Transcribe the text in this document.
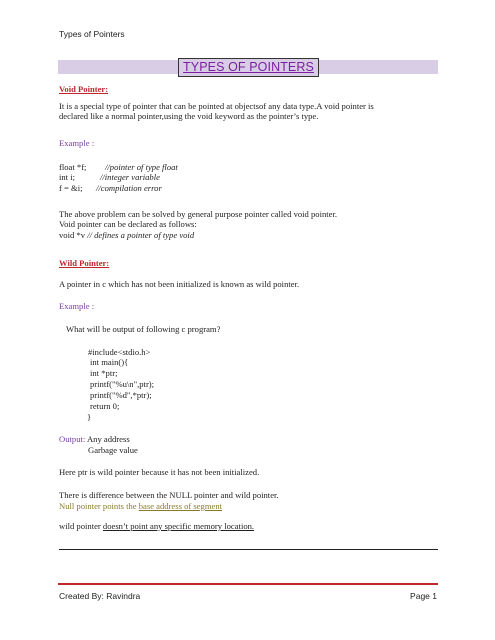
Types of Pointers
TYPES OF POINTERS
Void Pointer:
It is a special type of pointer that can be pointed at objectsof any data type.A void pointer is
declared like a normal pointer,using the void keyword as the pointer’s type.
Example :
float *f; //pointer of type float
int i;	//integer variable
f = &i; //compilation error
The above problem can be solved by general purpose pointer called void pointer.
Void pointer can be declared as follows:
void *v // defines a pointer of type void
Wild Pointer:
A pointer in c which has not been initialized is known as wild pointer.
Example :
What will be output of following c program?
#include<stdio.h>
int main(){
int *ptr;
printf("%u\n",ptr);
printf("%d",*ptr);
return 0;
}
Output: Any address
Garbage value
Here ptr is wild pointer because it has not been initialized.
There is difference between the NULL pointer and wild pointer.
Null pointer points the base address of segment
wild pointer doesn’t point any specific memory location.
Created By: Ravindra	Page 1
